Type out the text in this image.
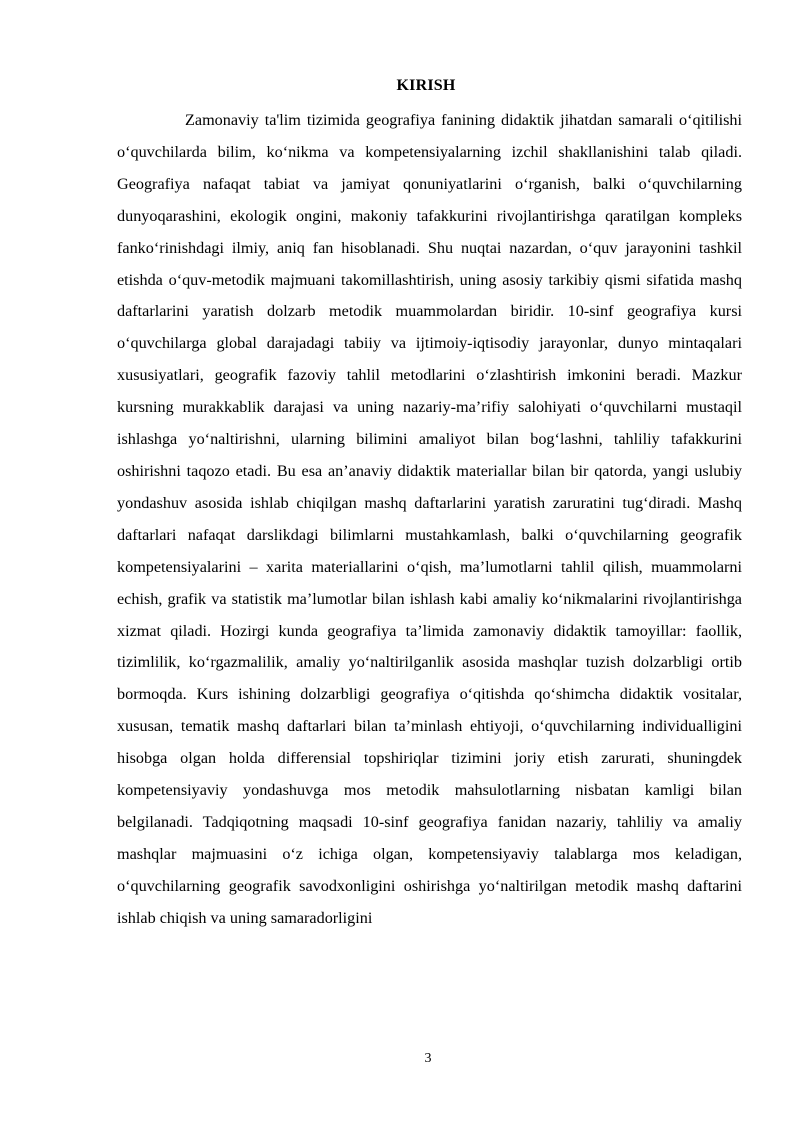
KIRISH

Zamonaviy ta'lim tizimida geografiya fanining didaktik jihatdan samarali o‘qitilishi o‘quvchilarda bilim, ko‘nikma va kompetensiyalarning izchil shakllanishini talab qiladi. Geografiya nafaqat tabiat va jamiyat qonuniyatlarini o‘rganish, balki o‘quvchilarning dunyoqarashini, ekologik ongini, makoniy tafakkurini rivojlantirishga qaratilgan kompleks fanko‘rinishdagi ilmiy, aniq fan hisoblanadi. Shu nuqtai nazardan, o‘quv jarayonini tashkil etishda o‘quv-metodik majmuani takomillashtirish, uning asosiy tarkibiy qismi sifatida mashq daftarlarini yaratish dolzarb metodik muammolardan biridir. 10-sinf geografiya kursi o‘quvchilarga global darajadagi tabiiy va ijtimoiy-iqtisodiy jarayonlar, dunyo mintaqalari xususiyatlari, geografik fazoviy tahlil metodlarini o‘zlashtirish imkonini beradi. Mazkur kursning murakkablik darajasi va uning nazariy-ma’rifiy salohiyati o‘quvchilarni mustaqil ishlashga yo‘naltirishni, ularning bilimini amaliyot bilan bog‘lashni, tahliliy tafakkurini oshirishni taqozo etadi. Bu esa an’anaviy didaktik materiallar bilan bir qatorda, yangi uslubiy yondashuv asosida ishlab chiqilgan mashq daftarlarini yaratish zaruratini tug‘diradi. Mashq daftarlari nafaqat darslikdagi bilimlarni mustahkamlash, balki o‘quvchilarning geografik kompetensiyalarini – xarita materiallarini o‘qish, ma’lumotlarni tahlil qilish, muammolarni echish, grafik va statistik ma’lumotlar bilan ishlash kabi amaliy ko‘nikmalarini rivojlantirishga xizmat qiladi. Hozirgi kunda geografiya ta’limida zamonaviy didaktik tamoyillar: faollik, tizimlilik, ko‘rgazmalilik, amaliy yo‘naltirilganlik asosida mashqlar tuzish dolzarbligi ortib bormoqda. Kurs ishining dolzarbligi geografiya o‘qitishda qo‘shimcha didaktik vositalar, xususan, tematik mashq daftarlari bilan ta’minlash ehtiyoji, o‘quvchilarning individualligini hisobga olgan holda differensial topshiriqlar tizimini joriy etish zarurati, shuningdek kompetensiyaviy yondashuvga mos metodik mahsulotlarning nisbatan kamligi bilan belgilanadi. Tadqiqotning maqsadi 10-sinf geografiya fanidan nazariy, tahliliy va amaliy mashqlar majmuasini o‘z ichiga olgan, kompetensiyaviy talablarga mos keladigan, o‘quvchilarning geografik savodxonligini oshirishga yo‘naltirilgan metodik mashq daftarini ishlab chiqish va uning samaradorligini

3
